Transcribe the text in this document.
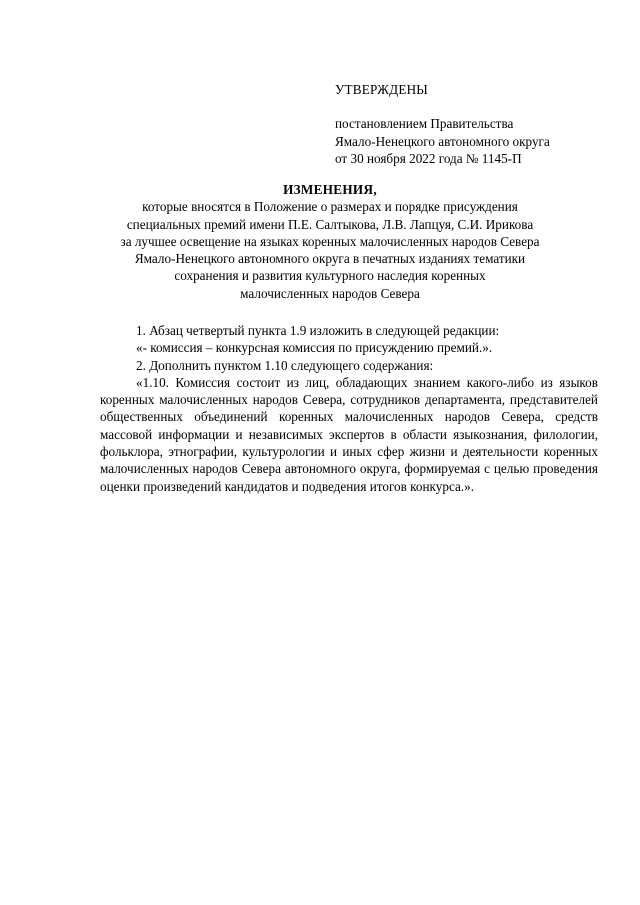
УТВЕРЖДЕНЫ
постановлением Правительства
Ямало-Ненецкого автономного округа
от 30 ноября 2022 года № 1145-П
ИЗМЕНЕНИЯ,
которые вносятся в Положение о размерах и порядке присуждения
специальных премий имени П.Е. Салтыкова, Л.В. Лапцуя, С.И. Ирикова
за лучшее освещение на языках коренных малочисленных народов Севера
Ямало-Ненецкого автономного округа в печатных изданиях тематики
сохранения и развития культурного наследия коренных
малочисленных народов Севера

1. Абзац четвертый пункта 1.9 изложить в следующей редакции:

«- комиссия – конкурсная комиссия по присуждению премий.».

2. Дополнить пунктом 1.10 следующего содержания:

«1.10. Комиссия состоит из лиц, обладающих знанием какого-либо из языков коренных малочисленных народов Севера, сотрудников департамента, представителей общественных объединений коренных малочисленных народов Севера, средств массовой информации и независимых экспертов в области языкознания, филологии, фольклора, этнографии, культурологии и иных сфер жизни и деятельности коренных малочисленных народов Севера автономного округа, формируемая с целью проведения оценки произведений кандидатов и подведения итогов конкурса.».
